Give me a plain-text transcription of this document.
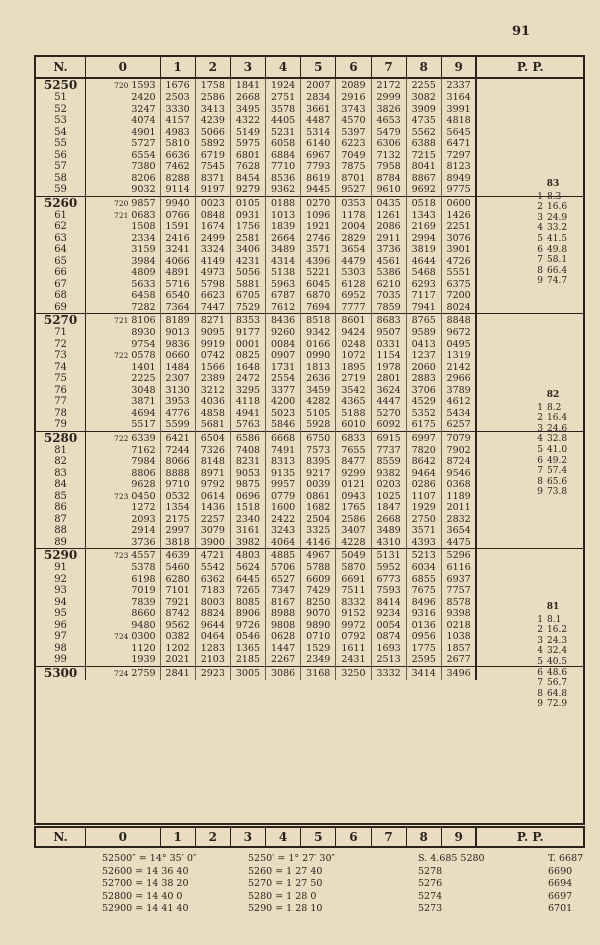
91
N.	0	1	2	3	4	5	6	7	8	9	P. P.
5250	720 1593	1676	1758	1841	1924	2007	2089	2172	2255	2337	
51	2420	2503	2586	2668	2751	2834	2916	2999	3082	3164	
52	3247	3330	3413	3495	3578	3661	3743	3826	3909	3991	
53	4074	4157	4239	4322	4405	4487	4570	4653	4735	4818	
54	4901	4983	5066	5149	5231	5314	5397	5479	5562	5645	
55	5727	5810	5892	5975	6058	6140	6223	6306	6388	6471	
56	6554	6636	6719	6801	6884	6967	7049	7132	7215	7297	
57	7380	7462	7545	7628	7710	7793	7875	7958	8041	8123	
58	8206	8288	8371	8454	8536	8619	8701	8784	8867	8949	
59	9032	9114	9197	9279	9362	9445	9527	9610	9692	9775	
5260	720 9857	9940	0023	0105	0188	0270	0353	0435	0518	0600	
61	721 0683	0766	0848	0931	1013	1096	1178	1261	1343	1426	
62	1508	1591	1674	1756	1839	1921	2004	2086	2169	2251	
63	2334	2416	2499	2581	2664	2746	2829	2911	2994	3076	
64	3159	3241	3324	3406	3489	3571	3654	3736	3819	3901	
65	3984	4066	4149	4231	4314	4396	4479	4561	4644	4726	
66	4809	4891	4973	5056	5138	5221	5303	5386	5468	5551	
67	5633	5716	5798	5881	5963	6045	6128	6210	6293	6375	
68	6458	6540	6623	6705	6787	6870	6952	7035	7117	7200	
69	7282	7364	7447	7529	7612	7694	7777	7859	7941	8024	
5270	721 8106	8189	8271	8353	8436	8518	8601	8683	8765	8848	
71	8930	9013	9095	9177	9260	9342	9424	9507	9589	9672	
72	9754	9836	9919	0001	0084	0166	0248	0331	0413	0495	
73	722 0578	0660	0742	0825	0907	0990	1072	1154	1237	1319	
74	1401	1484	1566	1648	1731	1813	1895	1978	2060	2142	
75	2225	2307	2389	2472	2554	2636	2719	2801	2883	2966	
76	3048	3130	3212	3295	3377	3459	3542	3624	3706	3789	
77	3871	3953	4036	4118	4200	4282	4365	4447	4529	4612	
78	4694	4776	4858	4941	5023	5105	5188	5270	5352	5434	
79	5517	5599	5681	5763	5846	5928	6010	6092	6175	6257	
5280	722 6339	6421	6504	6586	6668	6750	6833	6915	6997	7079	
81	7162	7244	7326	7408	7491	7573	7655	7737	7820	7902	
82	7984	8066	8148	8231	8313	8395	8477	8559	8642	8724	
83	8806	8888	8971	9053	9135	9217	9299	9382	9464	9546	
84	9628	9710	9792	9875	9957	0039	0121	0203	0286	0368	
85	723 0450	0532	0614	0696	0779	0861	0943	1025	1107	1189	
86	1272	1354	1436	1518	1600	1682	1765	1847	1929	2011	
87	2093	2175	2257	2340	2422	2504	2586	2668	2750	2832	
88	2914	2997	3079	3161	3243	3325	3407	3489	3571	3654	
89	3736	3818	3900	3982	4064	4146	4228	4310	4393	4475	
5290	723 4557	4639	4721	4803	4885	4967	5049	5131	5213	5296	
91	5378	5460	5542	5624	5706	5788	5870	5952	6034	6116	
92	6198	6280	6362	6445	6527	6609	6691	6773	6855	6937	
93	7019	7101	7183	7265	7347	7429	7511	7593	7675	7757	
94	7839	7921	8003	8085	8167	8250	8332	8414	8496	8578	
95	8660	8742	8824	8906	8988	9070	9152	9234	9316	9398	
96	9480	9562	9644	9726	9808	9890	9972	0054	0136	0218	
97	724 0300	0382	0464	0546	0628	0710	0792	0874	0956	1038	
98	1120	1202	1283	1365	1447	1529	1611	1693	1775	1857	
99	1939	2021	2103	2185	2267	2349	2431	2513	2595	2677	
5300	724 2759	2841	2923	3005	3086	3168	3250	3332	3414	3496	
83
1 8.3
2 16.6
3 24.9
4 33.2
5 41.5
6 49.8
7 58.1
8 66.4
9 74.7
82
1 8.2
2 16.4
3 24.6
4 32.8
5 41.0
6 49.2
7 57.4
8 65.6
9 73.8
81
1 8.1
2 16.2
3 24.3
4 32.4
5 40.5
6 48.6
7 56.7
8 64.8
9 72.9
N.	0	1	2	3	4	5	6	7	8	9	P. P.
52500″ = 14° 35′ 0″	5250′ = 1° 27′ 30″	S. 4.685 5280	T. 6687
52600 = 14 36 40	5260 = 1 27 40	5278	6690
52700 = 14 38 20	5270 = 1 27 50	5276	6694
52800 = 14 40 0	5280 = 1 28 0	5274	6697
52900 = 14 41 40	5290 = 1 28 10	5273	6701
